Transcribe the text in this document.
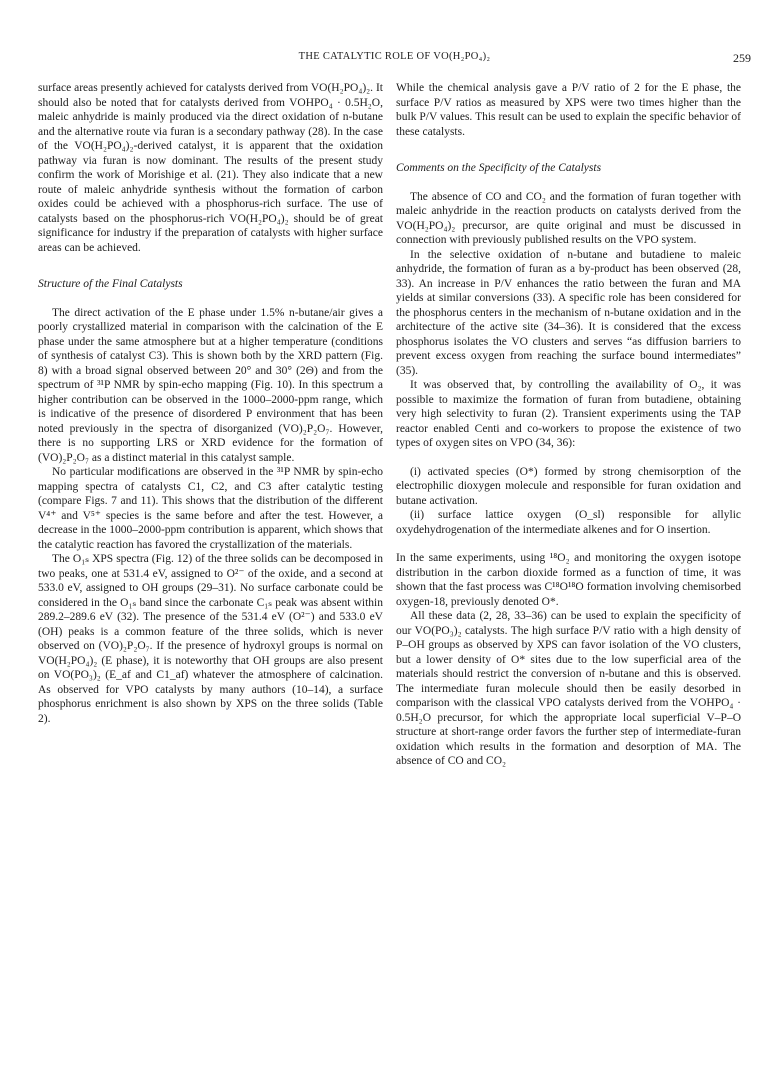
THE CATALYTIC ROLE OF VO(H₂PO₄)₂	259

surface areas presently achieved for catalysts derived from VO(H₂PO₄)₂. It should also be noted that for catalysts derived from VOHPO₄ · 0.5H₂O, maleic anhydride is mainly produced via the direct oxidation of n-butane and the alternative route via furan is a secondary pathway (28). In the case of the VO(H₂PO₄)₂-derived catalyst, it is apparent that the oxidation pathway via furan is now dominant. The results of the present study confirm the work of Morishige et al. (21). They also indicate that a new route of maleic anhydride synthesis without the formation of carbon oxides could be achieved with a phosphorus-rich surface. The use of catalysts based on the phosphorus-rich VO(H₂PO₄)₂ should be of great significance for industry if the preparation of catalysts with higher surface areas can be achieved.

Structure of the Final Catalysts

The direct activation of the E phase under 1.5% n-butane/air gives a poorly crystallized material in comparison with the calcination of the E phase under the same atmosphere but at a higher temperature (conditions of synthesis of catalyst C3). This is shown both by the XRD pattern (Fig. 8) with a broad signal observed between 20° and 30° (2Θ) and from the spectrum of ³¹P NMR by spin-echo mapping (Fig. 10). In this spectrum a higher contribution can be observed in the 1000–2000-ppm range, which is indicative of the presence of disordered P environment that has been noted previously in the spectra of disorganized (VO)₂P₂O₇. However, there is no supporting LRS or XRD evidence for the formation of (VO)₂P₂O₇ as a distinct material in this catalyst sample.

No particular modifications are observed in the ³¹P NMR by spin-echo mapping spectra of catalysts C1, C2, and C3 after catalytic testing (compare Figs. 7 and 11). This shows that the distribution of the different V⁴⁺ and V⁵⁺ species is the same before and after the test. However, a decrease in the 1000–2000-ppm contribution is apparent, which shows that the catalytic reaction has favored the crystallization of the materials.

The O₁ₛ XPS spectra (Fig. 12) of the three solids can be decomposed in two peaks, one at 531.4 eV, assigned to O²⁻ of the oxide, and a second at 533.0 eV, assigned to OH groups (29–31). No surface carbonate could be considered in the O₁ₛ band since the carbonate C₁ₛ peak was absent within 289.2–289.6 eV (32). The presence of the 531.4 eV (O²⁻) and 533.0 eV (OH) peaks is a common feature of the three solids, which is never observed on (VO)₂P₂O₇. If the presence of hydroxyl groups is normal on VO(H₂PO₄)₂ (E phase), it is noteworthy that OH groups are also present on VO(PO₃)₂ (E_af and C1_af) whatever the atmosphere of calcination. As observed for VPO catalysts by many authors (10–14), a surface phosphorus enrichment is also shown by XPS on the three solids (Table 2).

While the chemical analysis gave a P/V ratio of 2 for the E phase, the surface P/V ratios as measured by XPS were two times higher than the bulk P/V values. This result can be used to explain the specific behavior of these catalysts.

Comments on the Specificity of the Catalysts

The absence of CO and CO₂ and the formation of furan together with maleic anhydride in the reaction products on catalysts derived from the VO(H₂PO₄)₂ precursor, are quite original and must be discussed in connection with previously published results on the VPO system.

In the selective oxidation of n-butane and butadiene to maleic anhydride, the formation of furan as a by-product has been observed (28, 33). An increase in P/V enhances the ratio between the furan and MA yields at similar conversions (33). A specific role has been considered for the phosphorus centers in the mechanism of n-butane oxidation and in the architecture of the active site (34–36). It is considered that the excess phosphorus isolates the VO clusters and serves “as diffusion barriers to prevent excess oxygen from reaching the surface bound intermediates” (35).

It was observed that, by controlling the availability of O₂, it was possible to maximize the formation of furan from butadiene, obtaining very high selectivity to furan (2). Transient experiments using the TAP reactor enabled Centi and co-workers to propose the existence of two types of oxygen sites on VPO (34, 36):

(i) activated species (O*) formed by strong chemisorption of the electrophilic dioxygen molecule and responsible for furan oxidation and butane activation.

(ii) surface lattice oxygen (O_sl) responsible for allylic oxydehydrogenation of the intermediate alkenes and for O insertion.

In the same experiments, using ¹⁸O₂ and monitoring the oxygen isotope distribution in the carbon dioxide formed as a function of time, it was shown that the fast process was C¹⁸O¹⁸O formation involving chemisorbed oxygen-18, previously denoted O*.

All these data (2, 28, 33–36) can be used to explain the specificity of our VO(PO₃)₂ catalysts. The high surface P/V ratio with a high density of P–OH groups as observed by XPS can favor isolation of the VO clusters, but a lower density of O* sites due to the low superficial area of the materials should restrict the conversion of n-butane and this is observed. The intermediate furan molecule should then be easily desorbed in comparison with the classical VPO catalysts derived from the VOHPO₄ · 0.5H₂O precursor, for which the appropriate local superficial V–P–O structure at short-range order favors the further step of intermediate-furan oxidation which results in the formation and desorption of MA. The absence of CO and CO₂
